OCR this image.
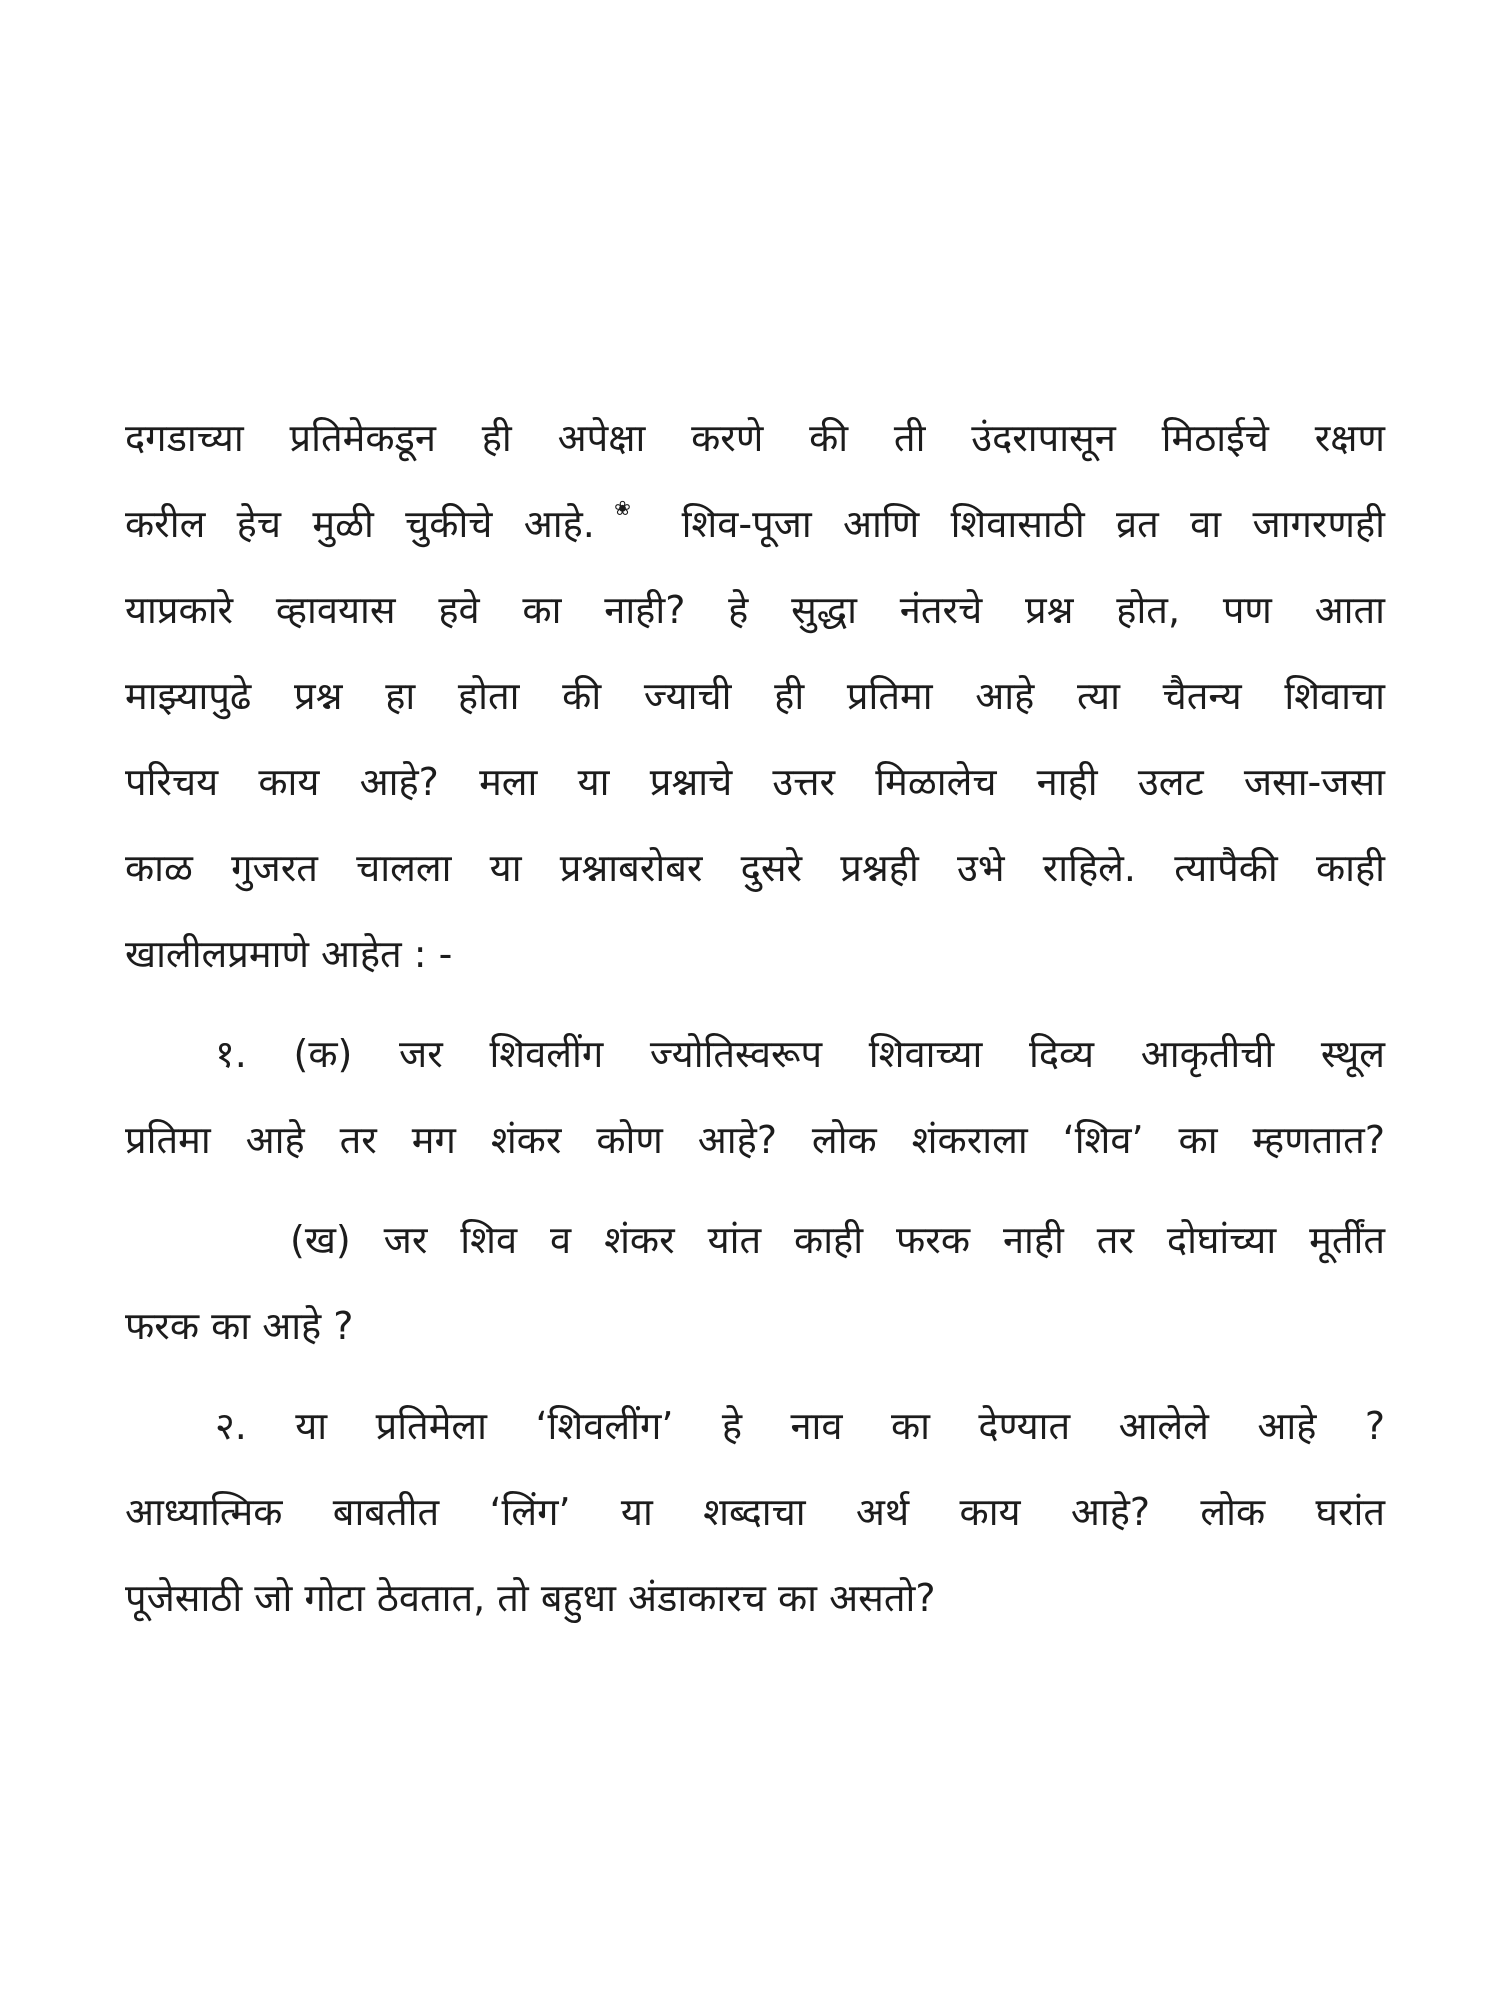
दगडाच्या प्रतिमेकडून ही अपेक्षा करणे की ती उंदरापासून मिठाईचे रक्षण
करील हेच मुळी चुकीचे आहे.❀ शिव-पूजा आणि शिवासाठी व्रत वा जागरणही
याप्रकारे व्हावयास हवे का नाही? हे सुद्धा नंतरचे प्रश्न होत, पण आता
माझ्यापुढे प्रश्न हा होता की ज्याची ही प्रतिमा आहे त्या चैतन्य शिवाचा
परिचय काय आहे? मला या प्रश्नाचे उत्तर मिळालेच नाही उलट जसा-जसा
काळ गुजरत चालला या प्रश्नाबरोबर दुसरे प्रश्नही उभे राहिले. त्यापैकी काही
खालीलप्रमाणे आहेत : -
१. (क) जर शिवलींग ज्योतिस्वरूप शिवाच्या दिव्य आकृतीची स्थूल
प्रतिमा आहे तर मग शंकर कोण आहे? लोक शंकराला ‘शिव’ का म्हणतात?
(ख) जर शिव व शंकर यांत काही फरक नाही तर दोघांच्या मूर्तींत
फरक का आहे ?
२. या प्रतिमेला ‘शिवलींग’ हे नाव का देण्यात आलेले आहे ?
आध्यात्मिक बाबतीत ‘लिंग’ या शब्दाचा अर्थ काय आहे? लोक घरांत
पूजेसाठी जो गोटा ठेवतात, तो बहुधा अंडाकारच का असतो?
